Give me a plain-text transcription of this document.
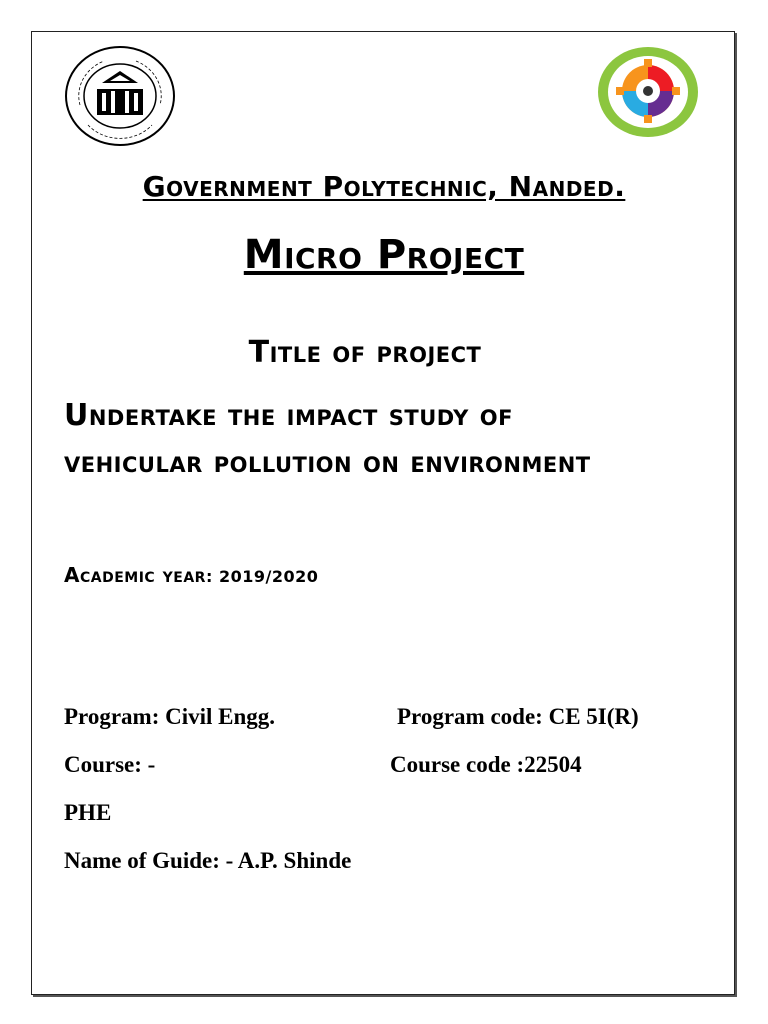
Government Polytechnic, Nanded.
Micro Project
Title of project
Undertake the impact study of
vehicular pollution on environment
Academic year: 2019/2020
Program: Civil Engg.	Program code: CE 5I(R)
Course: -	Course code :22504
PHE
Name of Guide: - A.P. Shinde
